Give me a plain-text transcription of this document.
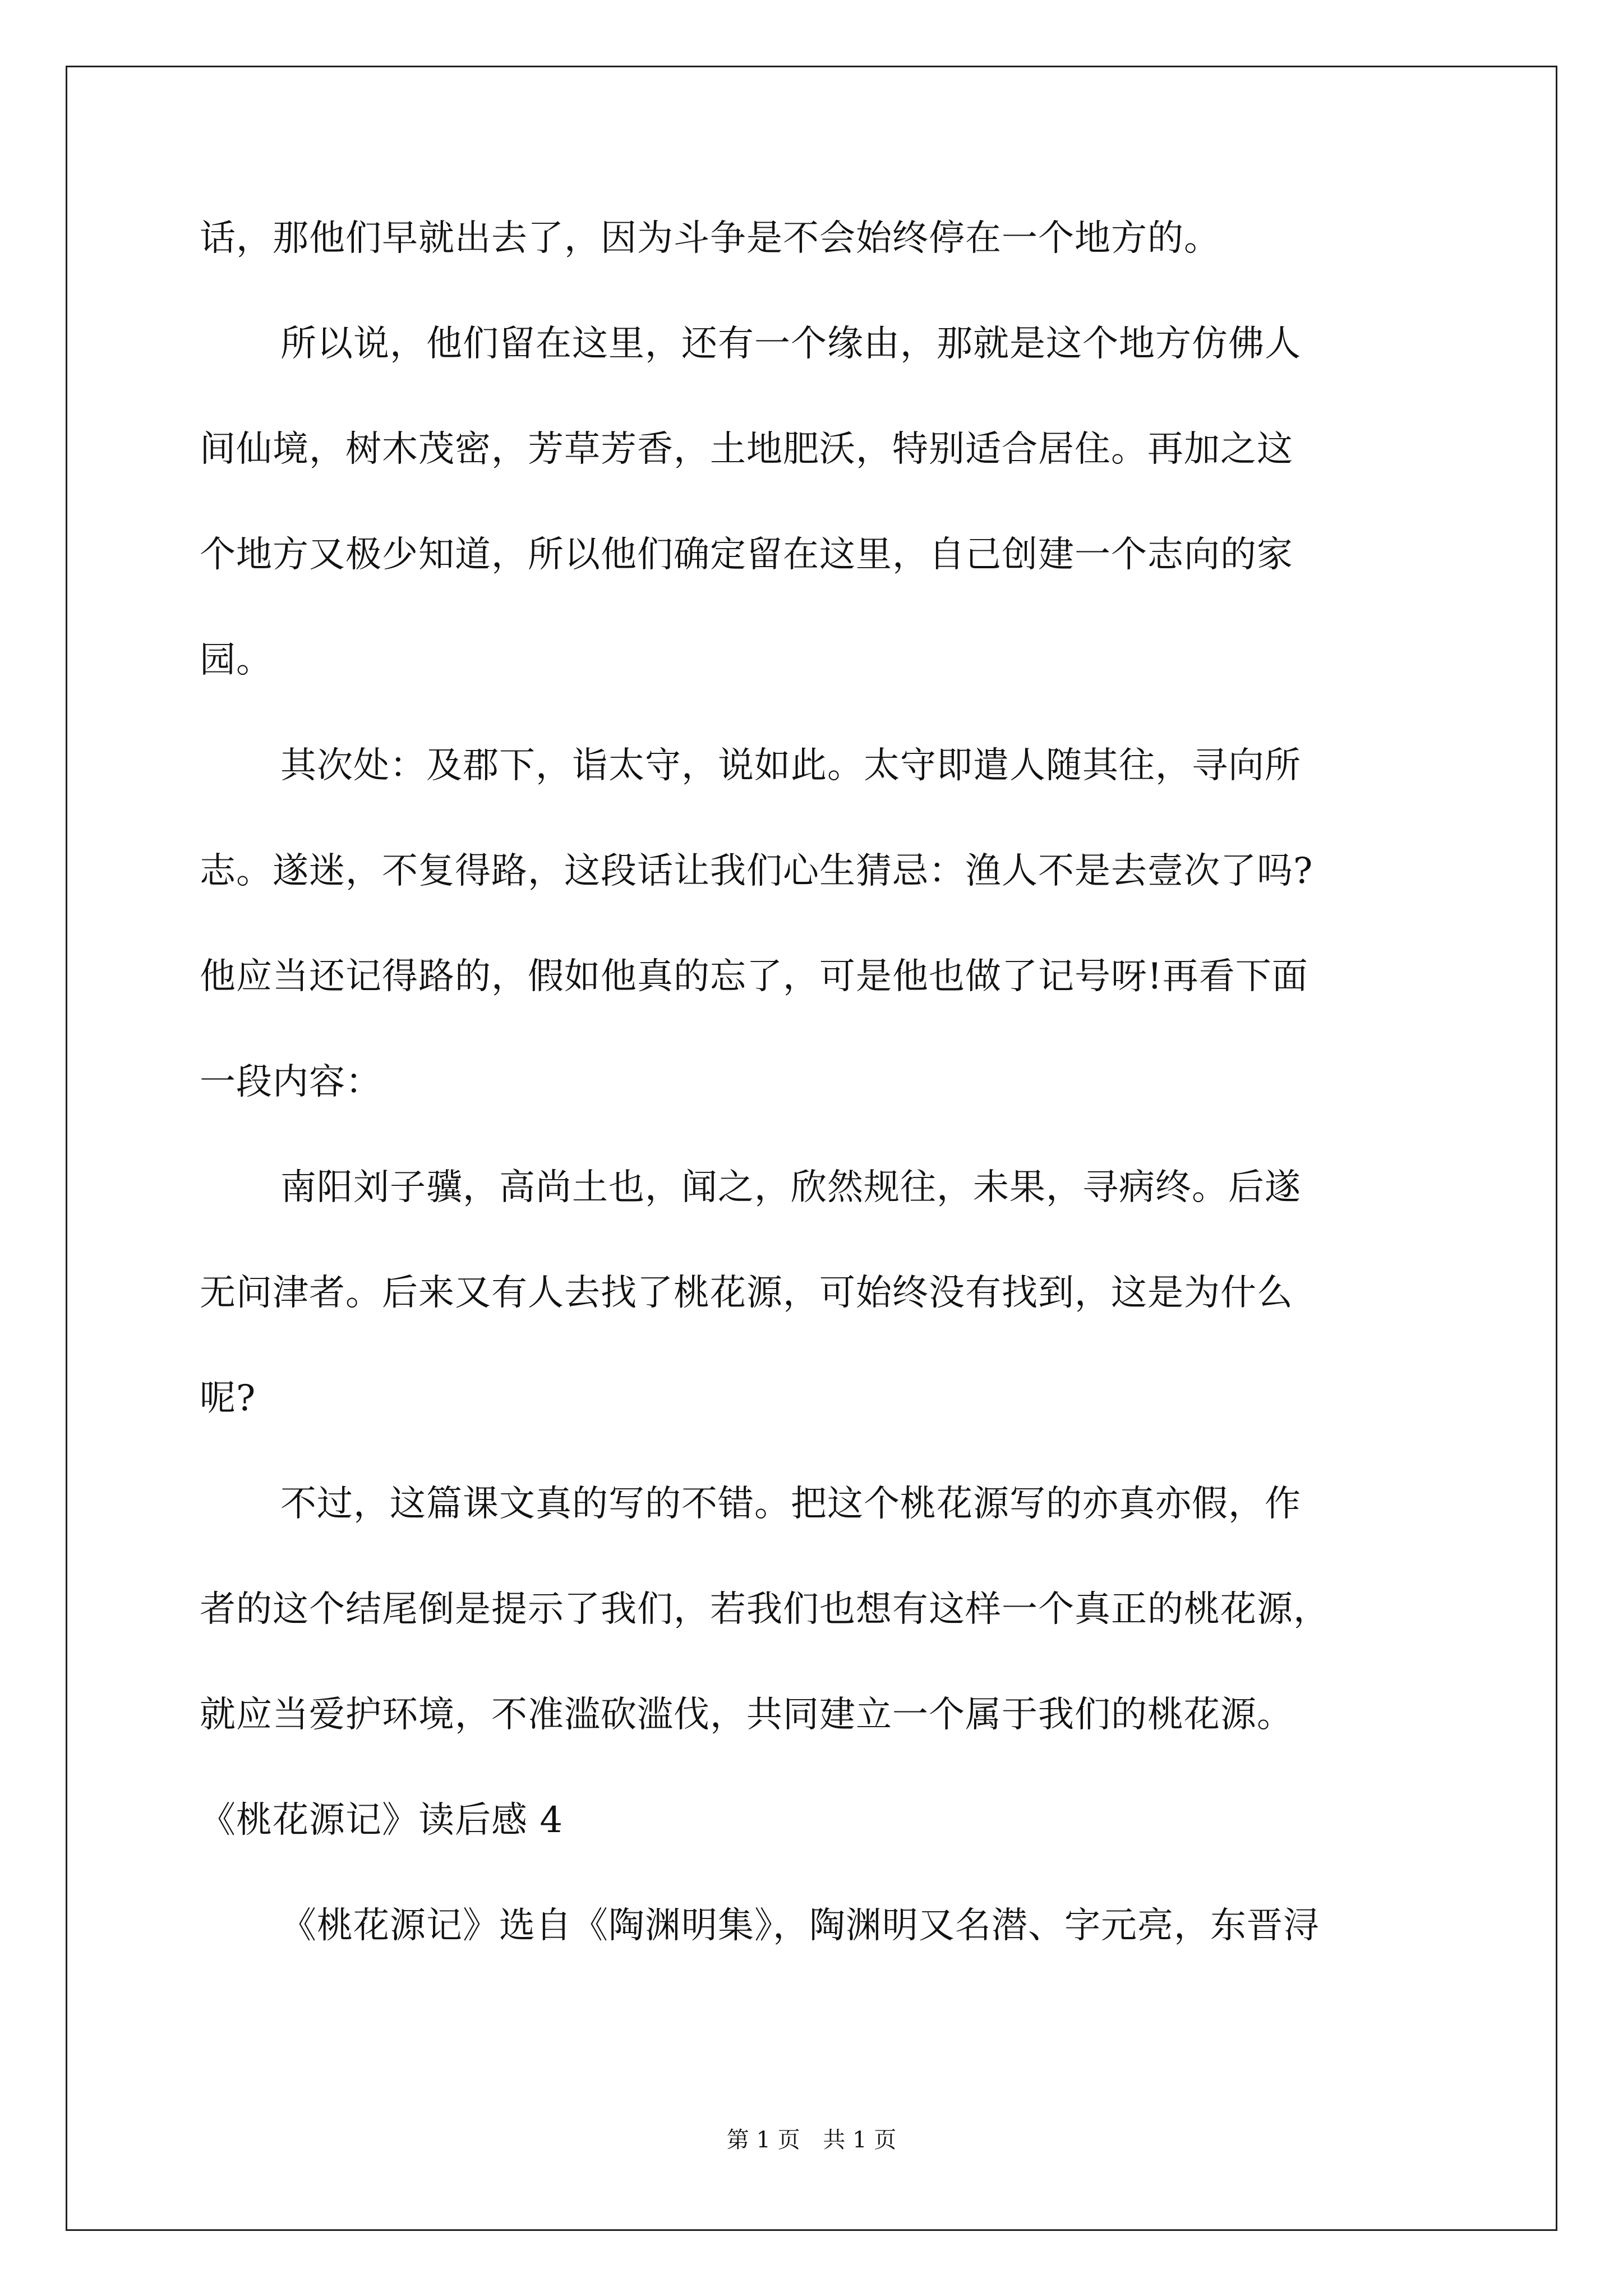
话，那他们早就出去了，因为斗争是不会始终停在一个地方的。
所以说，他们留在这里，还有一个缘由，那就是这个地方仿佛人
间仙境，树木茂密，芳草芳香，土地肥沃，特别适合居住。再加之这
个地方又极少知道，所以他们确定留在这里，自己创建一个志向的家
园。
其次处：及郡下，诣太守，说如此。太守即遣人随其往，寻向所
志。遂迷，不复得路，这段话让我们心生猜忌：渔人不是去壹次了吗?
他应当还记得路的，假如他真的忘了，可是他也做了记号呀!再看下面
一段内容：
南阳刘子骥，高尚土也，闻之，欣然规往，未果，寻病终。后遂
无问津者。后来又有人去找了桃花源，可始终没有找到，这是为什么
呢?
不过，这篇课文真的写的不错。把这个桃花源写的亦真亦假，作
者的这个结尾倒是提示了我们，若我们也想有这样一个真正的桃花源，
就应当爱护环境，不准滥砍滥伐，共同建立一个属于我们的桃花源。
《桃花源记》读后感 4
《桃花源记》选自《陶渊明集》，陶渊明又名潜、字元亮，东晋浔
第 1 页 共 1 页
